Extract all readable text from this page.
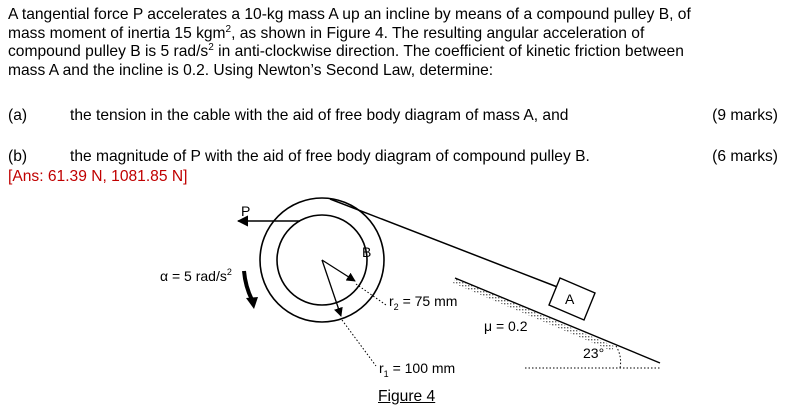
A tangential force P accelerates a 10-kg mass A up an incline by means of a compound pulley B, of
mass moment of inertia 15 kgm$^2$, as shown in Figure 4. The resulting angular acceleration of
compound pulley B is 5 rad/$s^2$ in anti-clockwise direction. The coefficient of kinetic friction between
mass A and the incline is 0.2. Using Newton’s Second Law, determine:
(a)	the tension in the cable with the aid of free body diagram of mass A, and	(9 marks)
(b)	the magnitude of P with the aid of free body diagram of compound pulley B.	(6 marks)
[Ans: 61.39 N, 1081.85 N]
P
B
α = 5 rad/$s^2$
$r_2 = 75$ mm
$r_1 = 100$ mm
μ = 0.2
A
23°
Figure 4
